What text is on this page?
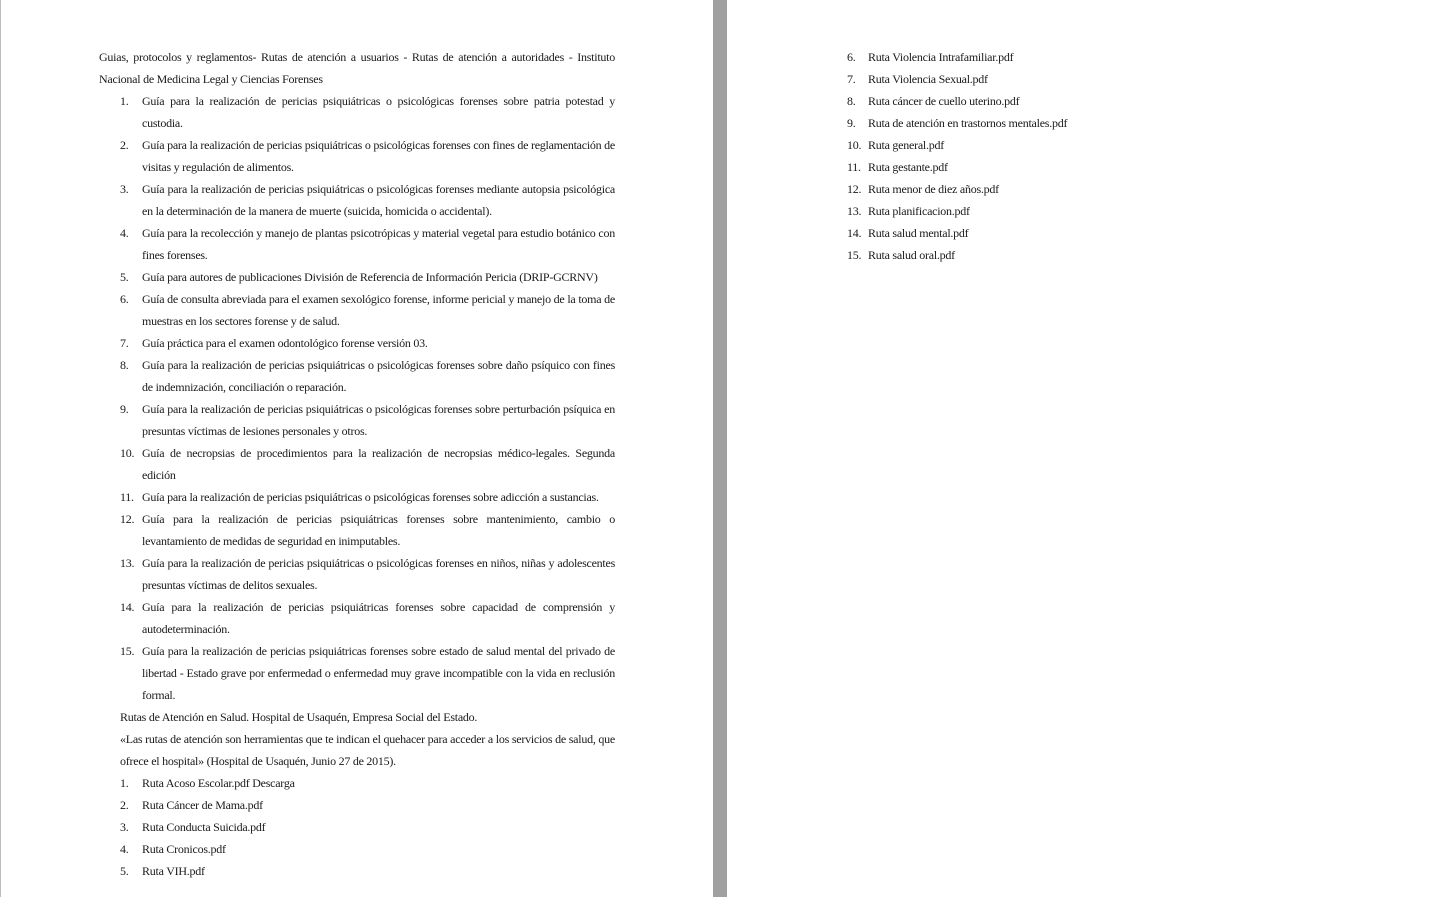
Guias, protocolos y reglamentos- Rutas de atención a usuarios - Rutas de atención a autoridades - Instituto Nacional de Medicina Legal y Ciencias Forenses

1. Guía para la realización de pericias psiquiátricas o psicológicas forenses sobre patria potestad y custodia.
2. Guía para la realización de pericias psiquiátricas o psicológicas forenses con fines de reglamentación de visitas y regulación de alimentos.
3. Guía para la realización de pericias psiquiátricas o psicológicas forenses mediante autopsia psicológica en la determinación de la manera de muerte (suicida, homicida o accidental).
4. Guía para la recolección y manejo de plantas psicotrópicas y material vegetal para estudio botánico con fines forenses.
5. Guía para autores de publicaciones División de Referencia de Información Pericia (DRIP-GCRNV)
6. Guía de consulta abreviada para el examen sexológico forense, informe pericial y manejo de la toma de muestras en los sectores forense y de salud.
7. Guía práctica para el examen odontológico forense versión 03.
8. Guía para la realización de pericias psiquiátricas o psicológicas forenses sobre daño psíquico con fines de indemnización, conciliación o reparación.
9. Guía para la realización de pericias psiquiátricas o psicológicas forenses sobre perturbación psíquica en presuntas víctimas de lesiones personales y otros.
10. Guía de necropsias de procedimientos para la realización de necropsias médico-legales. Segunda edición
11. Guía para la realización de pericias psiquiátricas o psicológicas forenses sobre adicción a sustancias.
12. Guía para la realización de pericias psiquiátricas forenses sobre mantenimiento, cambio o levantamiento de medidas de seguridad en inimputables.
13. Guía para la realización de pericias psiquiátricas o psicológicas forenses en niños, niñas y adolescentes presuntas víctimas de delitos sexuales.
14. Guía para la realización de pericias psiquiátricas forenses sobre capacidad de comprensión y autodeterminación.
15. Guía para la realización de pericias psiquiátricas forenses sobre estado de salud mental del privado de libertad - Estado grave por enfermedad o enfermedad muy grave incompatible con la vida en reclusión formal.

Rutas de Atención en Salud. Hospital de Usaquén, Empresa Social del Estado.

«Las rutas de atención son herramientas que te indican el quehacer para acceder a los servicios de salud, que ofrece el hospital» (Hospital de Usaquén, Junio 27 de 2015).

1. Ruta Acoso Escolar.pdf Descarga
2. Ruta Cáncer de Mama.pdf
3. Ruta Conducta Suicida.pdf
4. Ruta Cronicos.pdf
5. Ruta VIH.pdf
6. Ruta Violencia Intrafamiliar.pdf
7. Ruta Violencia Sexual.pdf
8. Ruta cáncer de cuello uterino.pdf
9. Ruta de atención en trastornos mentales.pdf
10. Ruta general.pdf
11. Ruta gestante.pdf
12. Ruta menor de diez años.pdf
13. Ruta planificacion.pdf
14. Ruta salud mental.pdf
15. Ruta salud oral.pdf
